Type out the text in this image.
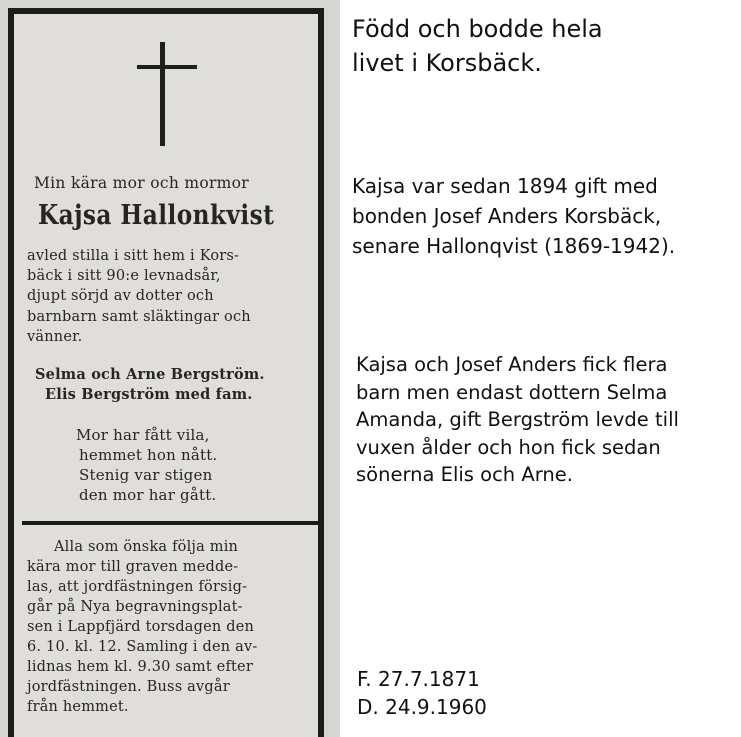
Min kära mor och mormor
Kajsa Hallonkvist
avled stilla i sitt hem i Kors-
bäck i sitt 90:e levnadsår,
djupt sörjd av dotter och
barnbarn samt släktingar och
vänner.
Selma och Arne Bergström.
Elis Bergström med fam.
Mor har fått vila,
hemmet hon nått.
Stenig var stigen
den mor har gått.
Alla som önska följa min
kära mor till graven medde-
las, att jordfästningen försig-
går på Nya begravningsplat-
sen i Lappfjärd torsdagen den
6. 10. kl. 12. Samling i den av-
lidnas hem kl. 9.30 samt efter
jordfästningen. Buss avgår
från hemmet.
Född och bodde hela
livet i Korsbäck.
Kajsa var sedan 1894 gift med
bonden Josef Anders Korsbäck,
senare Hallonqvist (1869-1942).
Kajsa och Josef Anders fick flera
barn men endast dottern Selma
Amanda, gift Bergström levde till
vuxen ålder och hon fick sedan
sönerna Elis och Arne.
F. 27.7.1871
D. 24.9.1960
